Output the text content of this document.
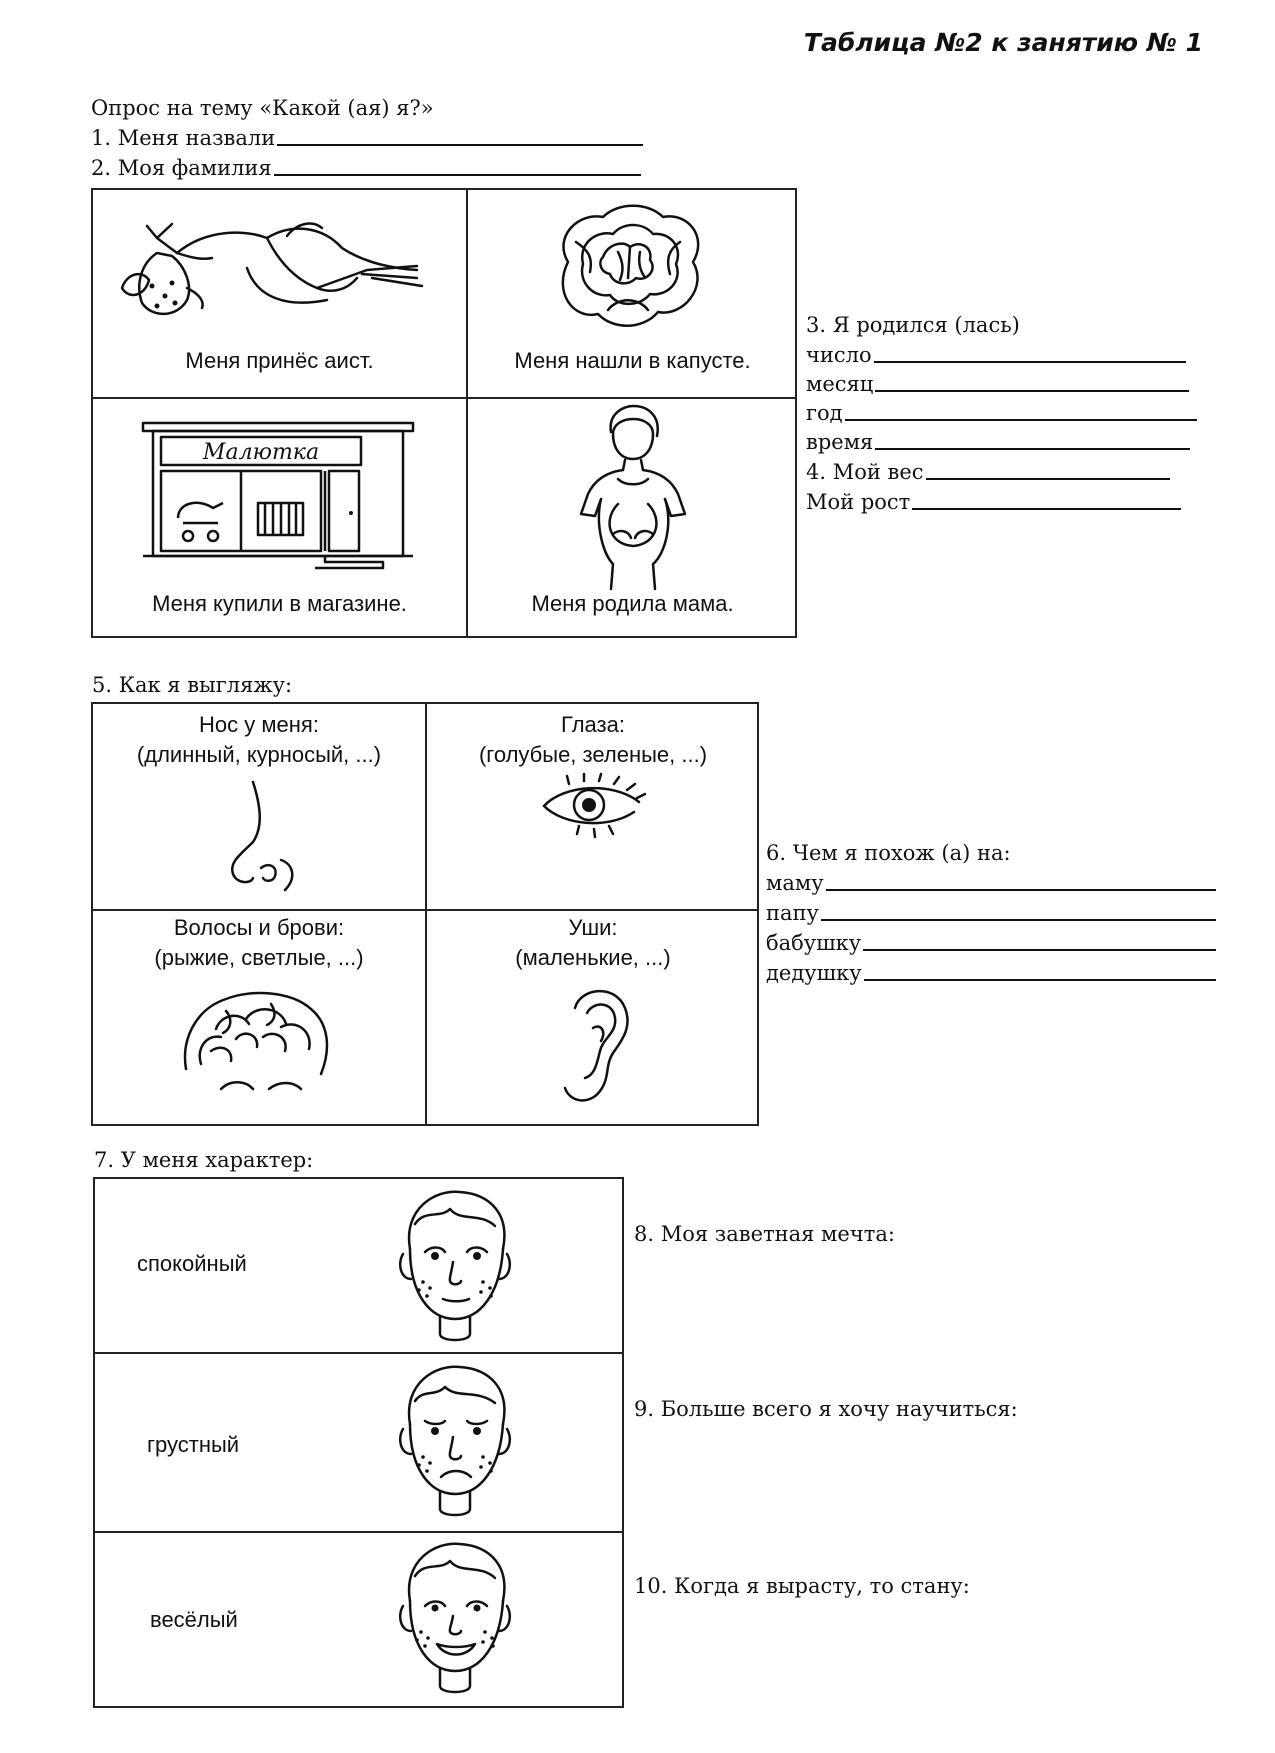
Таблица №2 к занятию № 1
Опрос на тему «Какой (ая) я?»
1. Меня назвали
2. Моя фамилия
Меня принёс аист.	Меня нашли в капусте.
Малютка
Меня купили в магазине.	Меня родила мама.
3. Я родился (лась)
число
месяц
год
время
4. Мой вес
Мой рост
5. Как я выгляжу:
Нос у меня:
(длинный, курносый, ...)
Глаза:
(голубые, зеленые, ...)
Волосы и брови:
(рыжие, светлые, ...)
Уши:
(маленькие, ...)
6. Чем я похож (а) на:
маму
папу
бабушку
дедушку
7. У меня характер:
спокойный
грустный
весёлый
8. Моя заветная мечта:
9. Больше всего я хочу научиться:
10. Когда я вырасту, то стану:
